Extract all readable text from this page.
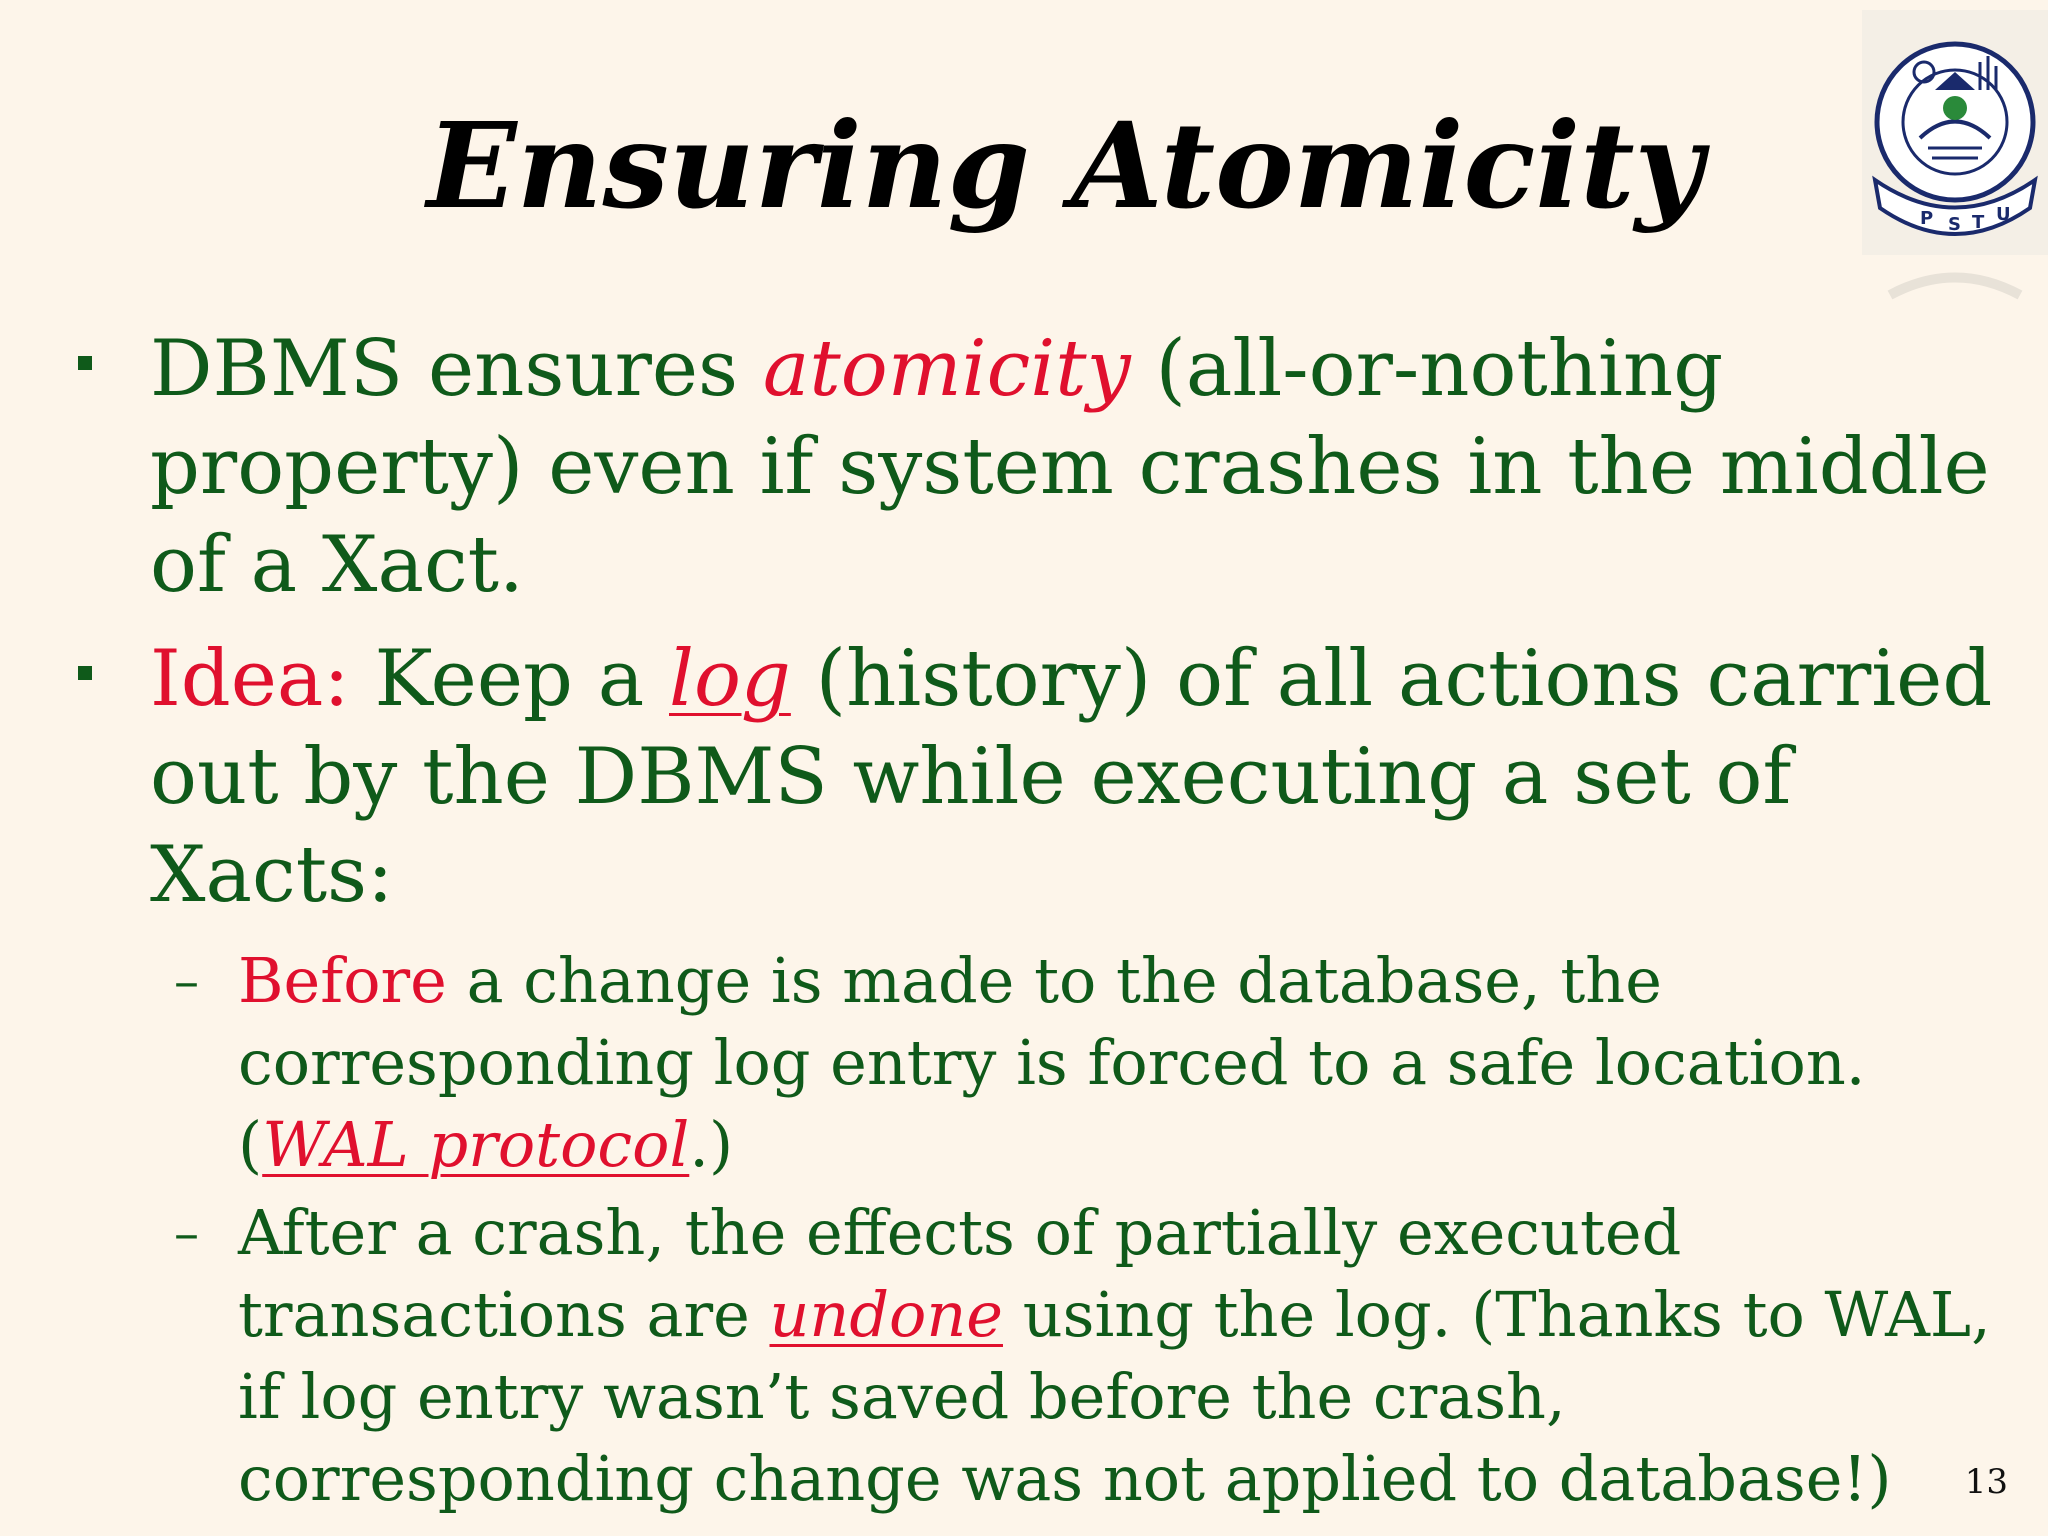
Ensuring Atomicity	P S T U
DBMS ensures atomicity (all-or-nothing property) even if system crashes in the middle of a Xact.
Idea: Keep a log (history) of all actions carried out by the DBMS while executing a set of Xacts:
– Before a change is made to the database, the corresponding log entry is forced to a safe location. (WAL protocol.)
– After a crash, the effects of partially executed transactions are undone using the log. (Thanks to WAL, if log entry wasn’t saved before the crash, corresponding change was not applied to database!)	13
